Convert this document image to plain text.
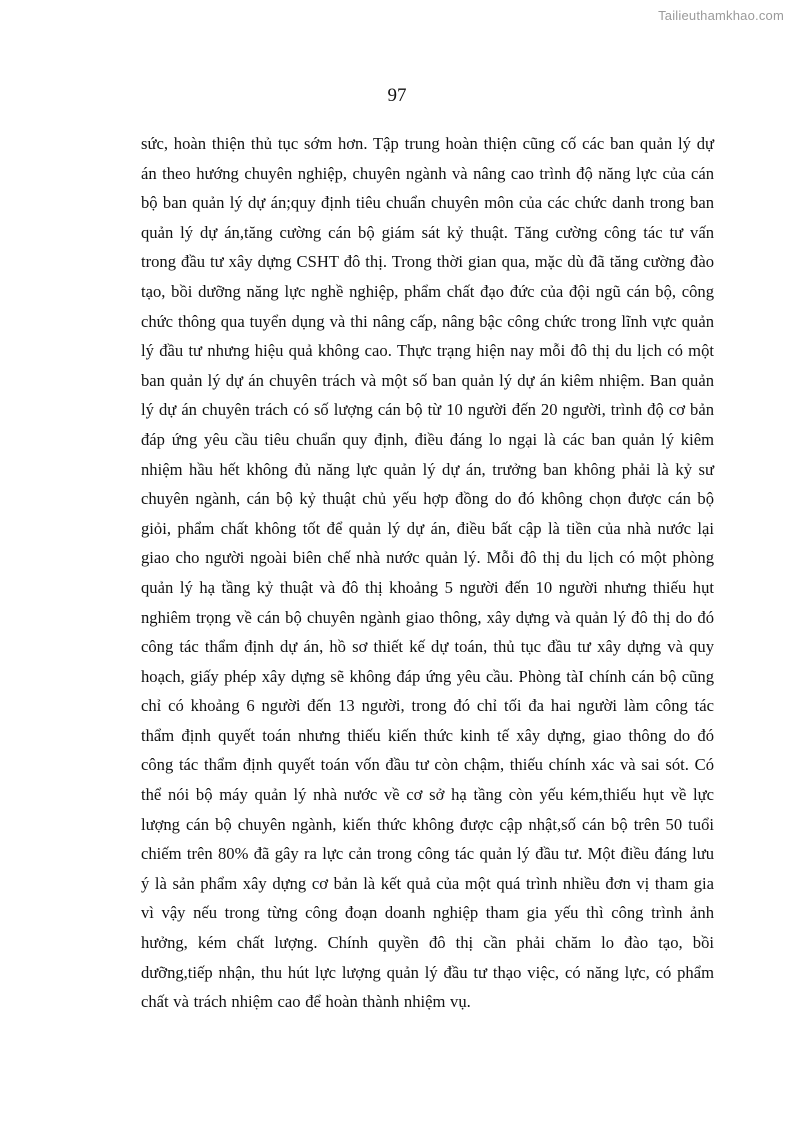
Tailieuthamkhao.com
97
sức, hoàn thiện thủ tục sớm hơn. Tập trung hoàn thiện cũng cố các ban quản lý dự
án theo hướng chuyên nghiệp, chuyên ngành và nâng cao trình độ năng lực của cán
bộ ban quản lý dự án;quy định tiêu chuẩn chuyên môn của các chức danh trong ban
quản lý dự án,tăng cường cán bộ giám sát kỷ thuật. Tăng cường công tác tư vấn
trong đầu tư xây dựng CSHT đô thị. Trong thời gian qua, mặc dù đã tăng cường đào
tạo, bồi dưỡng năng lực nghề nghiệp, phẩm chất đạo đức của đội ngũ cán bộ, công
chức thông qua tuyển dụng và thi nâng cấp, nâng bậc công chức trong lĩnh vực quản
lý đầu tư nhưng hiệu quả không cao. Thực trạng hiện nay mỗi đô thị du lịch có một
ban quản lý dự án chuyên trách và một số ban quản lý dự án kiêm nhiệm. Ban quản
lý dự án chuyên trách có số lượng cán bộ từ 10 người đến 20 người, trình độ cơ bản
đáp ứng yêu cầu tiêu chuẩn quy định, điều đáng lo ngại là các ban quản lý kiêm
nhiệm hầu hết không đủ năng lực quản lý dự án, trưởng ban không phải là kỷ sư
chuyên ngành, cán bộ kỷ thuật chủ yếu hợp đồng do đó không chọn được cán bộ
giỏi, phẩm chất không tốt để quản lý dự án, điều bất cập là tiền của nhà nước lại
giao cho người ngoài biên chế nhà nước quản lý. Mỗi đô thị du lịch có một phòng
quản lý hạ tầng kỷ thuật và đô thị khoảng 5 người đến 10 người nhưng thiếu hụt
nghiêm trọng về cán bộ chuyên ngành giao thông, xây dựng và quản lý đô thị do đó
công tác thẩm định dự án, hồ sơ thiết kế dự toán, thủ tục đầu tư xây dựng và quy
hoạch, giấy phép xây dựng sẽ không đáp ứng yêu cầu. Phòng tàI chính cán bộ cũng
chỉ có khoảng 6 người đến 13 người, trong đó chỉ tối đa hai người làm công tác
thẩm định quyết toán nhưng thiếu kiến thức kinh tế xây dựng, giao thông do đó
công tác thẩm định quyết toán vốn đầu tư còn chậm, thiếu chính xác và sai sót. Có
thể nói bộ máy quản lý nhà nước về cơ sở hạ tầng còn yếu kém,thiếu hụt về lực
lượng cán bộ chuyên ngành, kiến thức không được cập nhật,số cán bộ trên 50 tuổi
chiếm trên 80% đã gây ra lực cản trong công tác quản lý đầu tư. Một điều đáng lưu
ý là sản phẩm xây dựng cơ bản là kết quả của một quá trình nhiều đơn vị tham gia
vì vậy nếu trong từng công đoạn doanh nghiệp tham gia yếu thì công trình ảnh
hưởng, kém chất lượng. Chính quyền đô thị cần phải chăm lo đào tạo, bồi
dưỡng,tiếp nhận, thu hút lực lượng quản lý đầu tư thạo việc, có năng lực, có phẩm
chất và trách nhiệm cao để hoàn thành nhiệm vụ.
